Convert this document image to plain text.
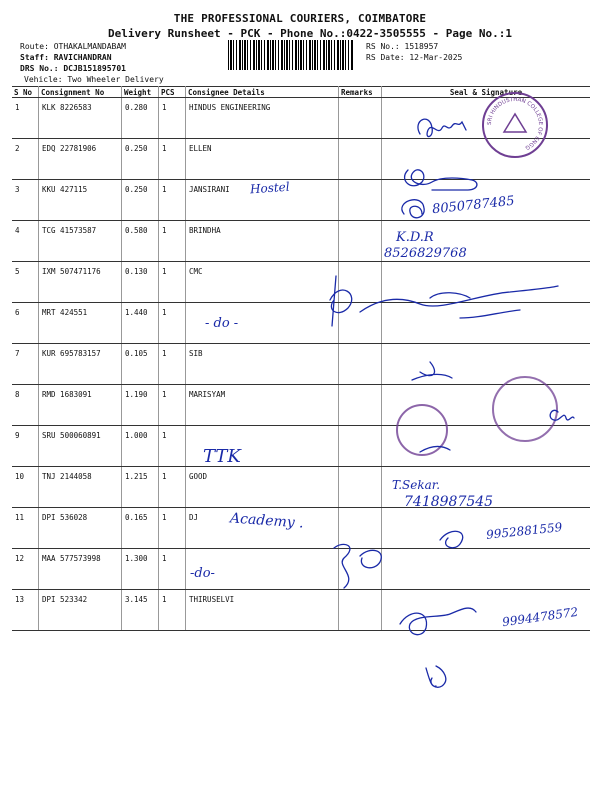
THE PROFESSIONAL COURIERS, COIMBATORE
Delivery Runsheet - PCK - Phone No.:0422-3505555 - Page No.:1
Route: OTHAKALMANDABAM
Staff: RAVICHANDRAN
DRS No.: DCJB151895701
Vehicle: Two Wheeler Delivery
RS No.: 1518957
RS Date: 12-Mar-2025
S No	Consignment No	Weight	PCS	Consignee Details	Remarks	Seal & Signature
1	KLK 8226583	0.280	1	HINDUS ENGINEERING		
2	EDQ 22781906	0.250	1	ELLEN		
3	KKU 427115	0.250	1	JANSIRANI		
4	TCG 41573587	0.580	1	BRINDHA		
5	IXM 507471176	0.130	1	CMC		
6	MRT 424551	1.440	1			
7	KUR 695783157	0.105	1	SIB		
8	RMD 1683091	1.190	1	MARISYAM		
9	SRU 500060891	1.000	1			
10	TNJ 2144058	1.215	1	GOOD		
11	DPI 536028	0.165	1	DJ		
12	MAA 577573998	1.300	1			
13	DPI 523342	3.145	1	THIRUSELVI		
Hostel
8050787485
K.D.R
8526829768
- do -
TTK
T.Sekar.
7418987545
Academy .	9952881559
-do-
9994478572
SRI HINDUSTHAN COLLEGE OF ENGG
